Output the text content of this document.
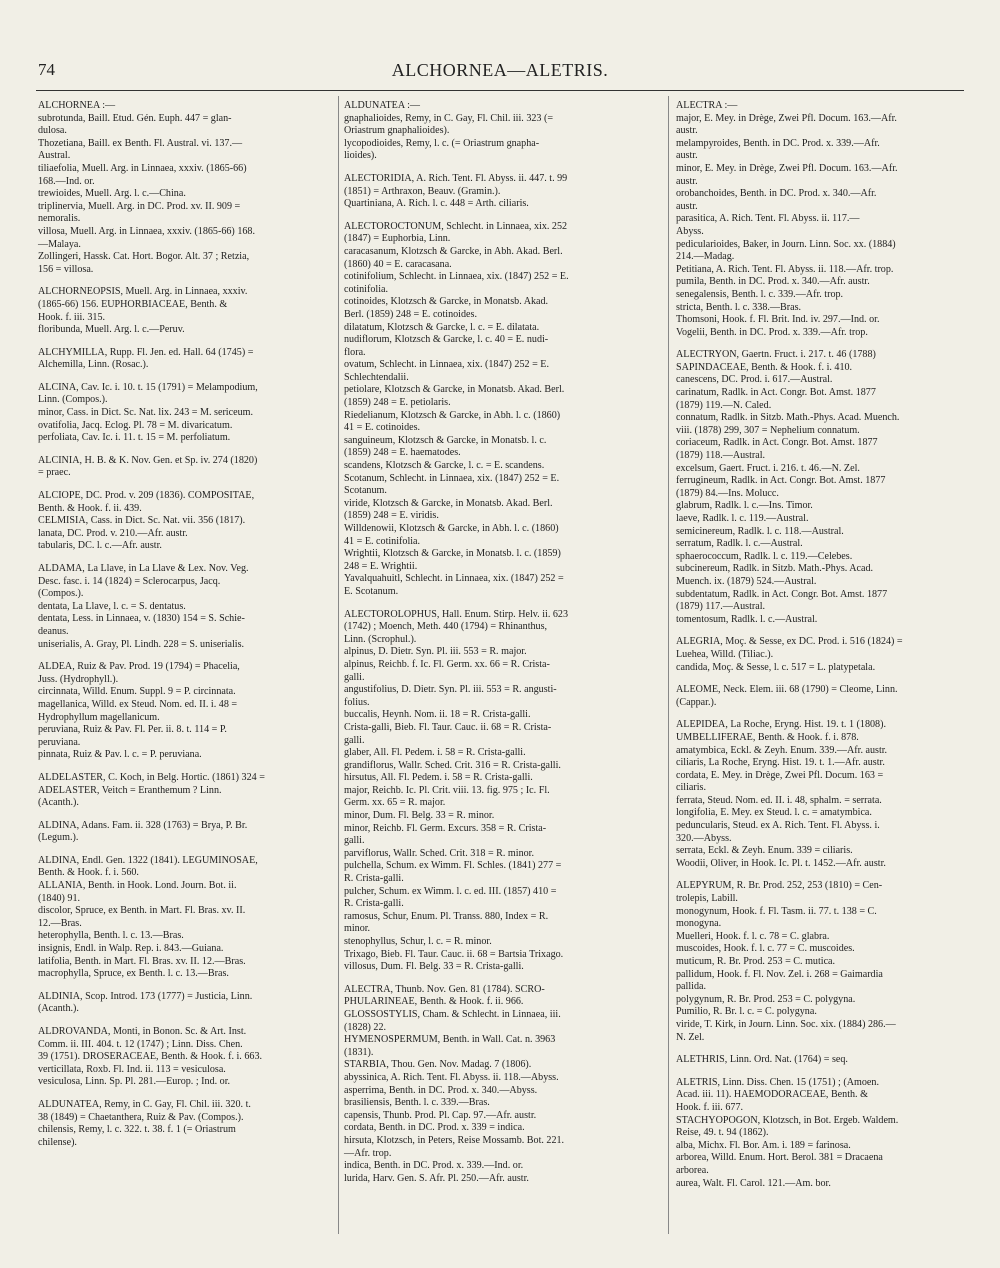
74	ALCHORNEA—ALETRIS.
ALCHORNEA :—
subrotunda, Baill. Etud. Gén. Euph. 447 = glan-
dulosa.
Thozetiana, Baill. ex Benth. Fl. Austral. vi. 137.—
Austral.
tiliaefolia, Muell. Arg. in Linnaea, xxxiv. (1865-66)
168.—Ind. or.
trewioides, Muell. Arg. l. c.—China.
triplinervia, Muell. Arg. in DC. Prod. xv. II. 909 =
nemoralis.
villosa, Muell. Arg. in Linnaea, xxxiv. (1865-66) 168.
—Malaya.
Zollingeri, Hassk. Cat. Hort. Bogor. Alt. 37 ; Retzia,
156 = villosa.
ALCHORNEOPSIS, Muell. Arg. in Linnaea, xxxiv.
(1865-66) 156. EUPHORBIACEAE, Benth. &
Hook. f. iii. 315.
floribunda, Muell. Arg. l. c.—Peruv.
ALCHYMILLA, Rupp. Fl. Jen. ed. Hall. 64 (1745) =
Alchemilla, Linn. (Rosac.).
ALCINA, Cav. Ic. i. 10. t. 15 (1791) = Melampodium,
Linn. (Compos.).
minor, Cass. in Dict. Sc. Nat. lix. 243 = M. sericeum.
ovatifolia, Jacq. Eclog. Pl. 78 = M. divaricatum.
perfoliata, Cav. Ic. i. 11. t. 15 = M. perfoliatum.
ALCINIA, H. B. & K. Nov. Gen. et Sp. iv. 274 (1820)
= praec.
ALCIOPE, DC. Prod. v. 209 (1836). COMPOSITAE,
Benth. & Hook. f. ii. 439.
CELMISIA, Cass. in Dict. Sc. Nat. vii. 356 (1817).
lanata, DC. Prod. v. 210.—Afr. austr.
tabularis, DC. l. c.—Afr. austr.
ALDAMA, La Llave, in La Llave & Lex. Nov. Veg.
Desc. fasc. i. 14 (1824) = Sclerocarpus, Jacq.
(Compos.).
dentata, La Llave, l. c. = S. dentatus.
dentata, Less. in Linnaea, v. (1830) 154 = S. Schie-
deanus.
uniserialis, A. Gray, Pl. Lindh. 228 = S. uniserialis.
ALDEA, Ruiz & Pav. Prod. 19 (1794) = Phacelia,
Juss. (Hydrophyll.).
circinnata, Willd. Enum. Suppl. 9 = P. circinnata.
magellanica, Willd. ex Steud. Nom. ed. II. i. 48 =
Hydrophyllum magellanicum.
peruviana, Ruiz & Pav. Fl. Per. ii. 8. t. 114 = P.
peruviana.
pinnata, Ruiz & Pav. l. c. = P. peruviana.
ALDELASTER, C. Koch, in Belg. Hortic. (1861) 324 =
ADELASTER, Veitch = Eranthemum ? Linn.
(Acanth.).
ALDINA, Adans. Fam. ii. 328 (1763) = Brya, P. Br.
(Legum.).
ALDINA, Endl. Gen. 1322 (1841). LEGUMINOSAE,
Benth. & Hook. f. i. 560.
ALLANIA, Benth. in Hook. Lond. Journ. Bot. ii.
(1840) 91.
discolor, Spruce, ex Benth. in Mart. Fl. Bras. xv. II.
12.—Bras.
heterophylla, Benth. l. c. 13.—Bras.
insignis, Endl. in Walp. Rep. i. 843.—Guiana.
latifolia, Benth. in Mart. Fl. Bras. xv. II. 12.—Bras.
macrophylla, Spruce, ex Benth. l. c. 13.—Bras.
ALDINIA, Scop. Introd. 173 (1777) = Justicia, Linn.
(Acanth.).
ALDROVANDA, Monti, in Bonon. Sc. & Art. Inst.
Comm. ii. III. 404. t. 12 (1747) ; Linn. Diss. Chen.
39 (1751). DROSERACEAE, Benth. & Hook. f. i. 663.
verticillata, Roxb. Fl. Ind. ii. 113 = vesiculosa.
vesiculosa, Linn. Sp. Pl. 281.—Europ. ; Ind. or.
ALDUNATEA, Remy, in C. Gay, Fl. Chil. iii. 320. t.
38 (1849) = Chaetanthera, Ruiz & Pav. (Compos.).
chilensis, Remy, l. c. 322. t. 38. f. 1 (= Oriastrum
chilense).
ALDUNATEA :—
gnaphalioides, Remy, in C. Gay, Fl. Chil. iii. 323 (=
Oriastrum gnaphalioides).
lycopodioides, Remy, l. c. (= Oriastrum gnapha-
lioides).
ALECTORIDIA, A. Rich. Tent. Fl. Abyss. ii. 447. t. 99
(1851) = Arthraxon, Beauv. (Gramin.).
Quartiniana, A. Rich. l. c. 448 = Arth. ciliaris.
ALECTOROCTONUM, Schlecht. in Linnaea, xix. 252
(1847) = Euphorbia, Linn.
caracasanum, Klotzsch & Garcke, in Abh. Akad. Berl.
(1860) 40 = E. caracasana.
cotinifolium, Schlecht. in Linnaea, xix. (1847) 252 = E.
cotinifolia.
cotinoides, Klotzsch & Garcke, in Monatsb. Akad.
Berl. (1859) 248 = E. cotinoides.
dilatatum, Klotzsch & Garcke, l. c. = E. dilatata.
nudiflorum, Klotzsch & Garcke, l. c. 40 = E. nudi-
flora.
ovatum, Schlecht. in Linnaea, xix. (1847) 252 = E.
Schlechtendalii.
petiolare, Klotzsch & Garcke, in Monatsb. Akad. Berl.
(1859) 248 = E. petiolaris.
Riedelianum, Klotzsch & Garcke, in Abh. l. c. (1860)
41 = E. cotinoides.
sanguineum, Klotzsch & Garcke, in Monatsb. l. c.
(1859) 248 = E. haematodes.
scandens, Klotzsch & Garcke, l. c. = E. scandens.
Scotanum, Schlecht. in Linnaea, xix. (1847) 252 = E.
Scotanum.
viride, Klotzsch & Garcke, in Monatsb. Akad. Berl.
(1859) 248 = E. viridis.
Willdenowii, Klotzsch & Garcke, in Abh. l. c. (1860)
41 = E. cotinifolia.
Wrightii, Klotzsch & Garcke, in Monatsb. l. c. (1859)
248 = E. Wrightii.
Yavalquahuitl, Schlecht. in Linnaea, xix. (1847) 252 =
E. Scotanum.
ALECTOROLOPHUS, Hall. Enum. Stirp. Helv. ii. 623
(1742) ; Moench, Meth. 440 (1794) = Rhinanthus,
Linn. (Scrophul.).
alpinus, D. Dietr. Syn. Pl. iii. 553 = R. major.
alpinus, Reichb. f. Ic. Fl. Germ. xx. 66 = R. Crista-
galli.
angustifolius, D. Dietr. Syn. Pl. iii. 553 = R. angusti-
folius.
buccalis, Heynh. Nom. ii. 18 = R. Crista-galli.
Crista-galli, Bieb. Fl. Taur. Cauc. ii. 68 = R. Crista-
galli.
glaber, All. Fl. Pedem. i. 58 = R. Crista-galli.
grandiflorus, Wallr. Sched. Crit. 316 = R. Crista-galli.
hirsutus, All. Fl. Pedem. i. 58 = R. Crista-galli.
major, Reichb. Ic. Pl. Crit. viii. 13. fig. 975 ; Ic. Fl.
Germ. xx. 65 = R. major.
minor, Dum. Fl. Belg. 33 = R. minor.
minor, Reichb. Fl. Germ. Excurs. 358 = R. Crista-
galli.
parviflorus, Wallr. Sched. Crit. 318 = R. minor.
pulchella, Schum. ex Wimm. Fl. Schles. (1841) 277 =
R. Crista-galli.
pulcher, Schum. ex Wimm. l. c. ed. III. (1857) 410 =
R. Crista-galli.
ramosus, Schur, Enum. Pl. Transs. 880, Index = R.
minor.
stenophyllus, Schur, l. c. = R. minor.
Trixago, Bieb. Fl. Taur. Cauc. ii. 68 = Bartsia Trixago.
villosus, Dum. Fl. Belg. 33 = R. Crista-galli.
ALECTRA, Thunb. Nov. Gen. 81 (1784). SCRO-
PHULARINEAE, Benth. & Hook. f. ii. 966.
GLOSSOSTYLIS, Cham. & Schlecht. in Linnaea, iii.
(1828) 22.
HYMENOSPERMUM, Benth. in Wall. Cat. n. 3963
(1831).
STARBIA, Thou. Gen. Nov. Madag. 7 (1806).
abyssinica, A. Rich. Tent. Fl. Abyss. ii. 118.—Abyss.
asperrima, Benth. in DC. Prod. x. 340.—Abyss.
brasiliensis, Benth. l. c. 339.—Bras.
capensis, Thunb. Prod. Pl. Cap. 97.—Afr. austr.
cordata, Benth. in DC. Prod. x. 339 = indica.
hirsuta, Klotzsch, in Peters, Reise Mossamb. Bot. 221.
—Afr. trop.
indica, Benth. in DC. Prod. x. 339.—Ind. or.
lurida, Harv. Gen. S. Afr. Pl. 250.—Afr. austr.
ALECTRA :—
major, E. Mey. in Drège, Zwei Pfl. Docum. 163.—Afr.
austr.
melampyroides, Benth. in DC. Prod. x. 339.—Afr.
austr.
minor, E. Mey. in Drège, Zwei Pfl. Docum. 163.—Afr.
austr.
orobanchoides, Benth. in DC. Prod. x. 340.—Afr.
austr.
parasitica, A. Rich. Tent. Fl. Abyss. ii. 117.—
Abyss.
pedicularioides, Baker, in Journ. Linn. Soc. xx. (1884)
214.—Madag.
Petitiana, A. Rich. Tent. Fl. Abyss. ii. 118.—Afr. trop.
pumila, Benth. in DC. Prod. x. 340.—Afr. austr.
senegalensis, Benth. l. c. 339.—Afr. trop.
stricta, Benth. l. c. 338.—Bras.
Thomsoni, Hook. f. Fl. Brit. Ind. iv. 297.—Ind. or.
Vogelii, Benth. in DC. Prod. x. 339.—Afr. trop.
ALECTRYON, Gaertn. Fruct. i. 217. t. 46 (1788)
SAPINDACEAE, Benth. & Hook. f. i. 410.
canescens, DC. Prod. i. 617.—Austral.
carinatum, Radlk. in Act. Congr. Bot. Amst. 1877
(1879) 119.—N. Caled.
connatum, Radlk. in Sitzb. Math.-Phys. Acad. Muench.
viii. (1878) 299, 307 = Nephelium connatum.
coriaceum, Radlk. in Act. Congr. Bot. Amst. 1877
(1879) 118.—Austral.
excelsum, Gaert. Fruct. i. 216. t. 46.—N. Zel.
ferrugineum, Radlk. in Act. Congr. Bot. Amst. 1877
(1879) 84.—Ins. Molucc.
glabrum, Radlk. l. c.—Ins. Timor.
laeve, Radlk. l. c. 119.—Austral.
semicinereum, Radlk. l. c. 118.—Austral.
serratum, Radlk. l. c.—Austral.
sphaerococcum, Radlk. l. c. 119.—Celebes.
subcinereum, Radlk. in Sitzb. Math.-Phys. Acad.
Muench. ix. (1879) 524.—Austral.
subdentatum, Radlk. in Act. Congr. Bot. Amst. 1877
(1879) 117.—Austral.
tomentosum, Radlk. l. c.—Austral.
ALEGRIA, Moç. & Sesse, ex DC. Prod. i. 516 (1824) =
Luehea, Willd. (Tiliac.).
candida, Moç. & Sesse, l. c. 517 = L. platypetala.
ALEOME, Neck. Elem. iii. 68 (1790) = Cleome, Linn.
(Cappar.).
ALEPIDEA, La Roche, Eryng. Hist. 19. t. 1 (1808).
UMBELLIFERAE, Benth. & Hook. f. i. 878.
amatymbica, Eckl. & Zeyh. Enum. 339.—Afr. austr.
ciliaris, La Roche, Eryng. Hist. 19. t. 1.—Afr. austr.
cordata, E. Mey. in Drège, Zwei Pfl. Docum. 163 =
ciliaris.
ferrata, Steud. Nom. ed. II. i. 48, sphalm. = serrata.
longifolia, E. Mey. ex Steud. l. c. = amatymbica.
peduncularis, Steud. ex A. Rich. Tent. Fl. Abyss. i.
320.—Abyss.
serrata, Eckl. & Zeyh. Enum. 339 = ciliaris.
Woodii, Oliver, in Hook. Ic. Pl. t. 1452.—Afr. austr.
ALEPYRUM, R. Br. Prod. 252, 253 (1810) = Cen-
trolepis, Labill.
monogynum, Hook. f. Fl. Tasm. ii. 77. t. 138 = C.
monogyna.
Muelleri, Hook. f. l. c. 78 = C. glabra.
muscoides, Hook. f. l. c. 77 = C. muscoides.
muticum, R. Br. Prod. 253 = C. mutica.
pallidum, Hook. f. Fl. Nov. Zel. i. 268 = Gaimardia
pallida.
polygynum, R. Br. Prod. 253 = C. polygyna.
Pumilio, R. Br. l. c. = C. polygyna.
viride, T. Kirk, in Journ. Linn. Soc. xix. (1884) 286.—
N. Zel.
ALETHRIS, Linn. Ord. Nat. (1764) = seq.
ALETRIS, Linn. Diss. Chen. 15 (1751) ; (Amoen.
Acad. iii. 11). HAEMODORACEAE, Benth. &
Hook. f. iii. 677.
STACHYOPOGON, Klotzsch, in Bot. Ergeb. Waldem.
Reise, 49. t. 94 (1862).
alba, Michx. Fl. Bor. Am. i. 189 = farinosa.
arborea, Willd. Enum. Hort. Berol. 381 = Dracaena
arborea.
aurea, Walt. Fl. Carol. 121.—Am. bor.
